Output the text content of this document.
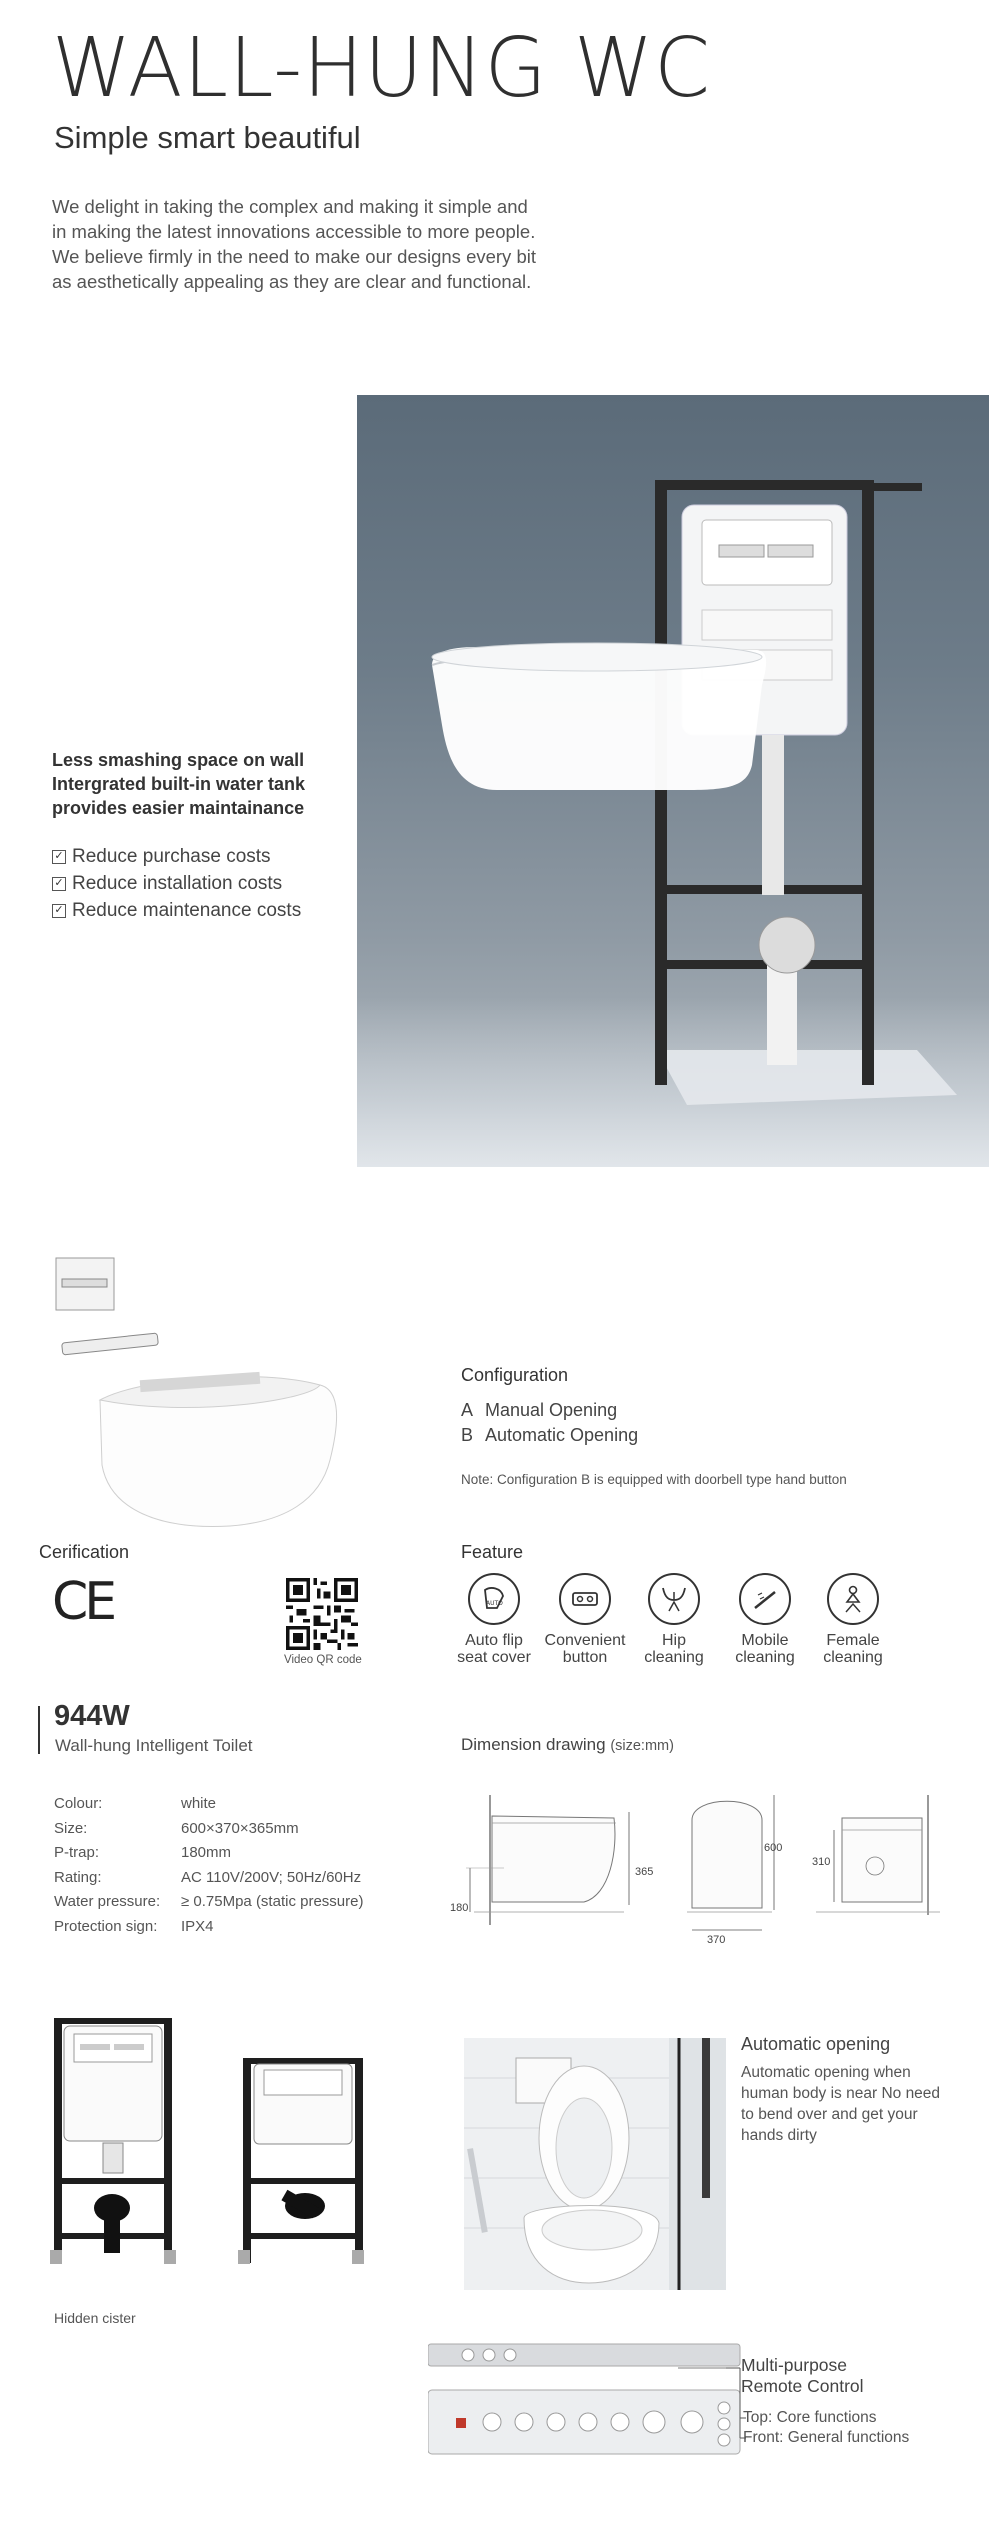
WALL-HUNG WC
Simple smart beautiful

We delight in taking the complex and making it simple and

in making the latest innovations accessible to more people.

We believe firmly in the need to make our designs every bit

as aesthetically appealing as they are clear and functional.

Less smashing space on wall
Intergrated built-in water tank
provides easier maintainance
✓ Reduce purchase costs
✓ Reduce installation costs
✓ Reduce maintenance costs
Configuration
A Manual Opening
B Automatic Opening
Note: Configuration B is equipped with doorbell type hand button
Cerification
CE
Video QR code
Feature
AUTO
Auto flip
seat cover
Convenient
button
Hip
cleaning
Mobile
cleaning
Female
cleaning
944W
Wall-hung Intelligent Toilet
Colour:	white
Size:	600×370×365mm
P-trap:	180mm
Rating:	AC 110V/200V; 50Hz/60Hz
Water pressure:	≥ 0.75Mpa (static pressure)
Protection sign:	IPX4
Dimension drawing (size:mm)
365
180
600
370
310
Hidden cister
Automatic opening
Automatic opening when
human body is near No need
to bend over and get your
hands dirty
Multi-purpose
Remote Control
Top: Core functions
Front: General functions
